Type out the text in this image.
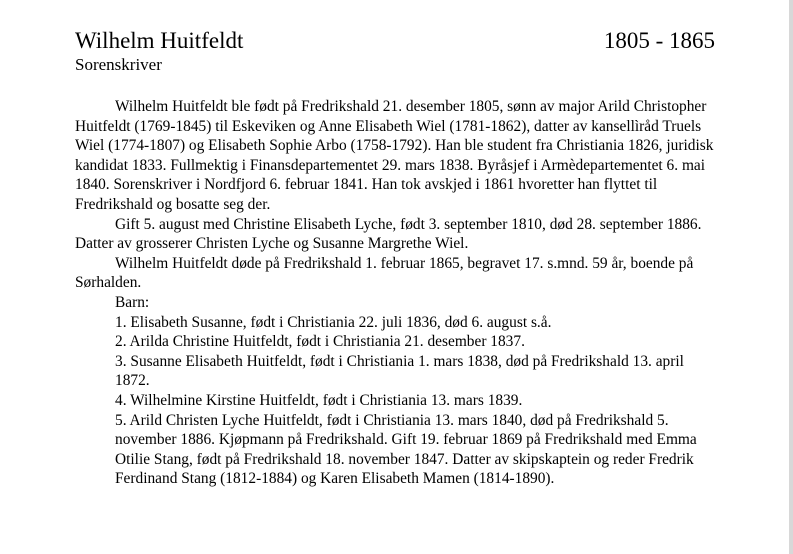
Wilhelm Huitfeldt	1805 - 1865
Sorenskriver

Wilhelm Huitfeldt ble født på Fredrikshald 21. desember 1805, sønn av major Arild Christopher Huitfeldt (1769-1845) til Eskeviken og Anne Elisabeth Wiel (1781-1862), datter av kansellìråd Truels Wiel (1774-1807) og Elisabeth Sophie Arbo (1758-1792). Han ble student fra Christiania 1826, juridisk kandidat 1833. Fullmektig i Finansdepartementet 29. mars 1838. Byråsjef i Armèdepartementet 6. mai 1840. Sorenskriver i Nordfjord 6. februar 1841. Han tok avskjed i 1861 hvoretter han flyttet til Fredrikshald og bosatte seg der.

Gift 5. august med Christine Elisabeth Lyche, født 3. september 1810, død 28. september 1886. Datter av grosserer Christen Lyche og Susanne Margrethe Wiel.

Wilhelm Huitfeldt døde på Fredrikshald 1. februar 1865, begravet 17. s.mnd. 59 år, boende på Sørhalden.

Barn:

1. Elisabeth Susanne, født i Christiania 22. juli 1836, død 6. august s.å.

2. Arilda Christine Huitfeldt, født i Christiania 21. desember 1837.

3. Susanne Elisabeth Huitfeldt, født i Christiania 1. mars 1838, død på Fredrikshald 13. april 1872.

4. Wilhelmine Kirstine Huitfeldt, født i Christiania 13. mars 1839.

5. Arild Christen Lyche Huitfeldt, født i Christiania 13. mars 1840, død på Fredrikshald 5. november 1886. Kjøpmann på Fredrikshald. Gift 19. februar 1869 på Fredrikshald med Emma Otilie Stang, født på Fredrikshald 18. november 1847. Datter av skipskaptein og reder Fredrik Ferdinand Stang (1812-1884) og Karen Elisabeth Mamen (1814-1890).
